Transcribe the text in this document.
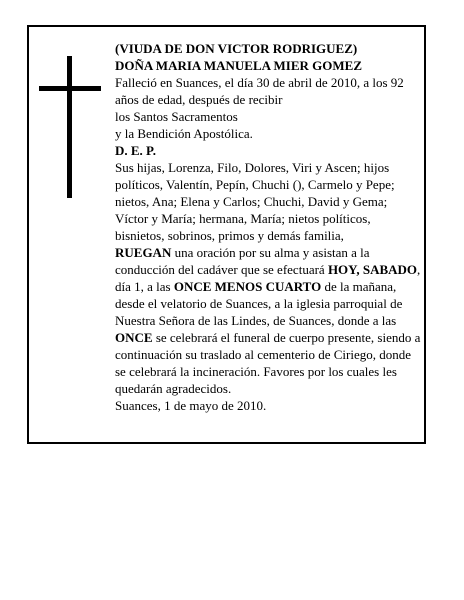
(VIUDA DE DON VICTOR RODRIGUEZ)

DOÑA MARIA MANUELA MIER GOMEZ

Falleció en Suances, el día 30 de abril de 2010, a los 92 años de edad, después de recibir

los Santos Sacramentos

y la Bendición Apostólica.

D. E. P.

Sus hijas, Lorenza, Filo, Dolores, Viri y Ascen; hijos políticos, Valentín, Pepín, Chuchi (), Carmelo y Pepe; nietos, Ana; Elena y Carlos; Chuchi, David y Gema; Víctor y María; hermana, María; nietos políticos, bisnietos, sobrinos, primos y demás familia,

RUEGAN una oración por su alma y asistan a la conducción del cadáver que se efectuará HOY, SABADO, día 1, a las ONCE MENOS CUARTO de la mañana, desde el velatorio de Suances, a la iglesia parroquial de Nuestra Señora de las Lindes, de Suances, donde a las ONCE se celebrará el funeral de cuerpo presente, siendo a continuación su traslado al cementerio de Ciriego, donde se celebrará la incineración. Favores por los cuales les quedarán agradecidos.

Suances, 1 de mayo de 2010.
